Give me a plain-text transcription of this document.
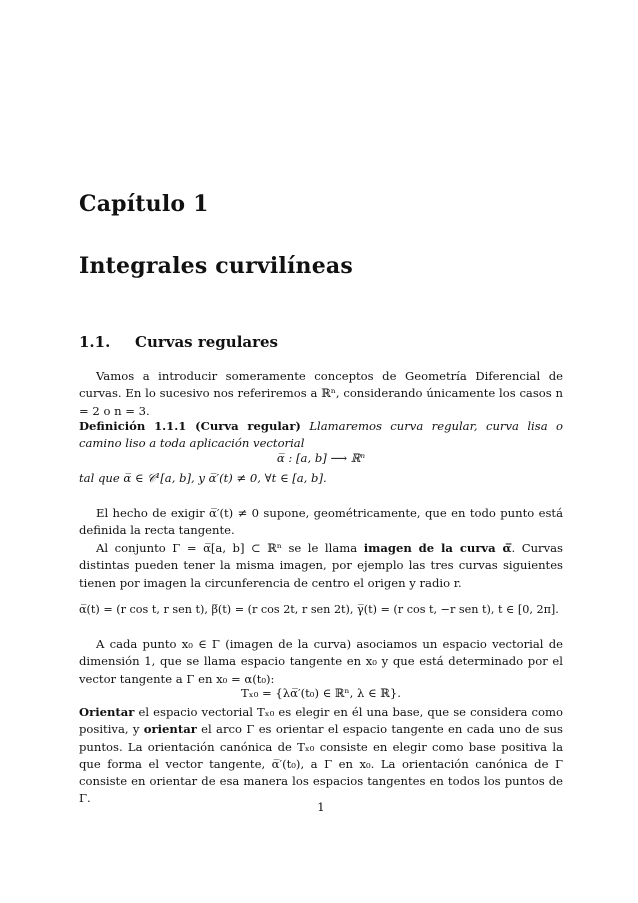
Capítulo 1
Integrales curvilíneas
1.1. Curvas regulares
Vamos a introducir someramente conceptos de Geometría Diferencial de curvas. En lo sucesivo nos referiremos a ℝⁿ, considerando únicamente los casos n = 2 o n = 3.
Definición 1.1.1 (Curva regular) Llamaremos curva regular, curva lisa o camino liso a toda aplicación vectorial
α̅ : [a, b] ⟶ ℝⁿ
tal que α̅ ∈ 𝒞¹[a, b], y α̅′(t) ≠ 0, ∀t ∈ [a, b].
El hecho de exigir α̅′(t) ≠ 0 supone, geométricamente, que en todo punto está definida la recta tangente.
Al conjunto Γ = α̅[a, b] ⊂ ℝⁿ se le llama imagen de la curva α̅. Curvas distintas pueden tener la misma imagen, por ejemplo las tres curvas siguientes tienen por imagen la circunferencia de centro el origen y radio r.
α̅(t) = (r cos t, r sen t), β̅(t) = (r cos 2t, r sen 2t), γ̅(t) = (r cos t, −r sen t), t ∈ [0, 2π].
A cada punto x₀ ∈ Γ (imagen de la curva) asociamos un espacio vectorial de dimensión 1, que se llama espacio tangente en x₀ y que está determinado por el vector tangente a Γ en x₀ = α(t₀):
Tₓ₀ = {λα̅′(t₀) ∈ ℝⁿ, λ ∈ ℝ}.
Orientar el espacio vectorial Tₓ₀ es elegir en él una base, que se considera como positiva, y orientar el arco Γ es orientar el espacio tangente en cada uno de sus puntos. La orientación canónica de Tₓ₀ consiste en elegir como base positiva la que forma el vector tangente, α̅′(t₀), a Γ en x₀. La orientación canónica de Γ consiste en orientar de esa manera los espacios tangentes en todos los puntos de Γ.
1
